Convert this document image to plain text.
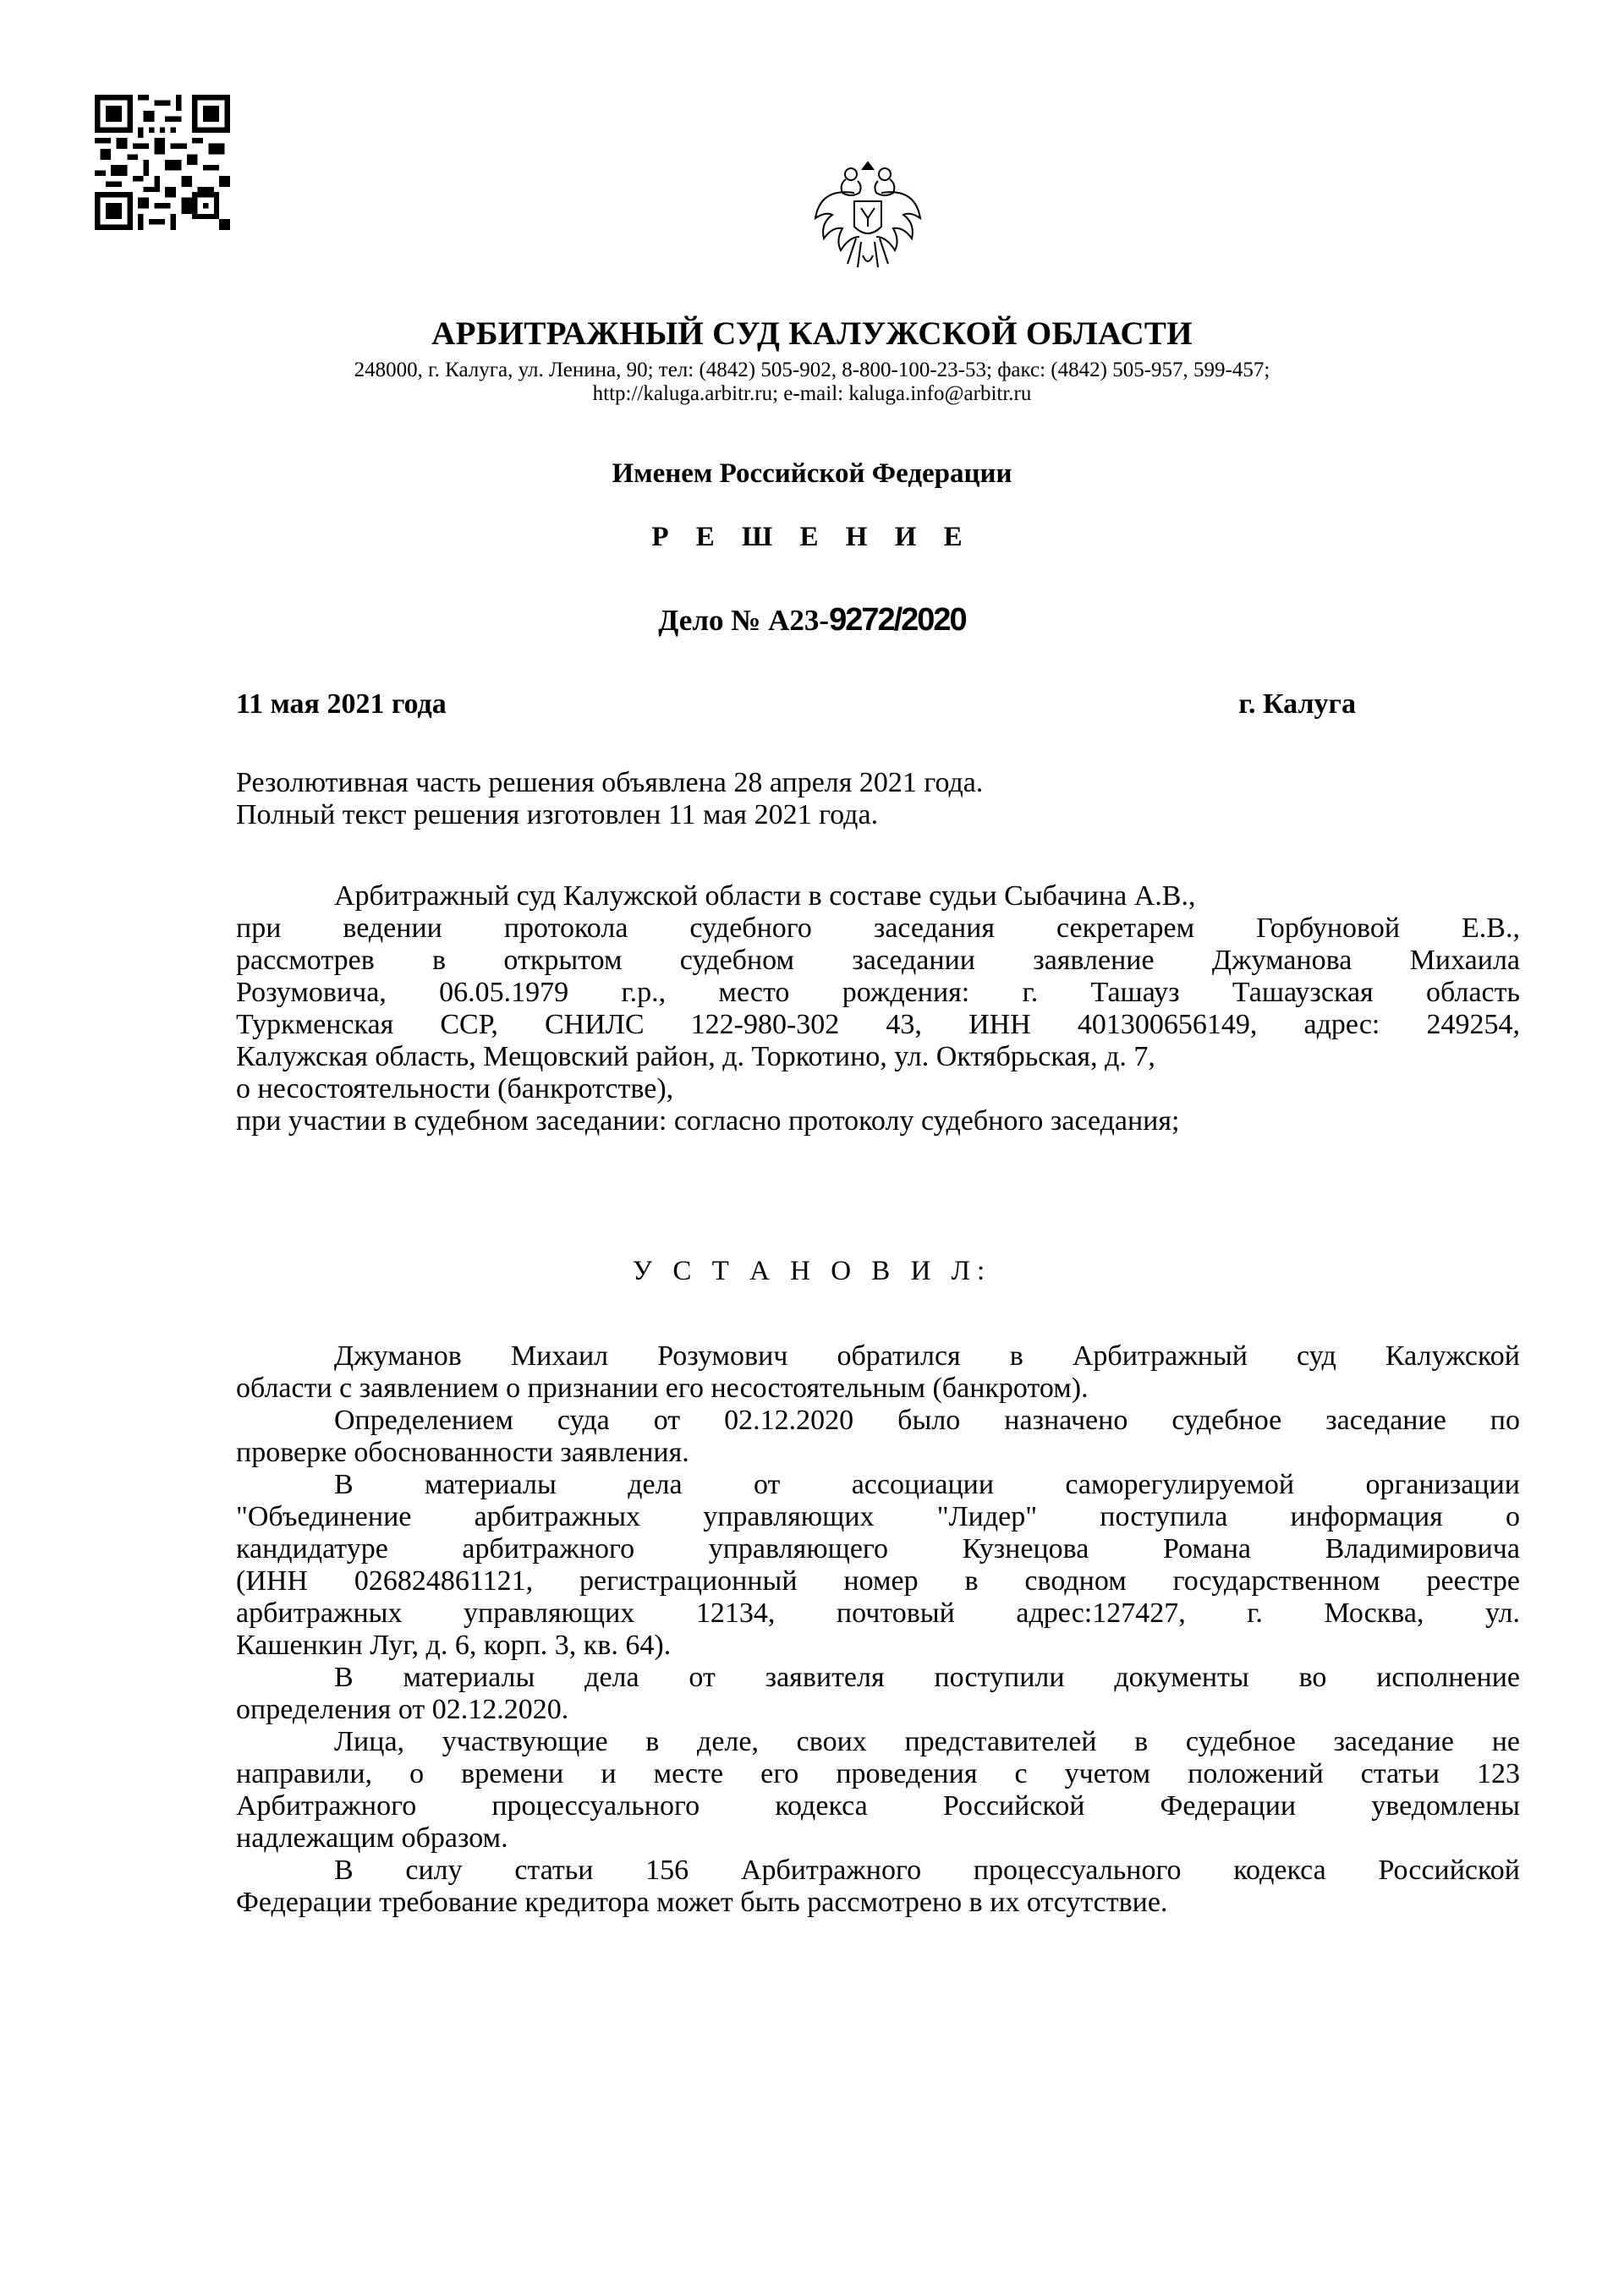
АРБИТРАЖНЫЙ СУД КАЛУЖСКОЙ ОБЛАСТИ
248000, г. Калуга, ул. Ленина, 90; тел: (4842) 505-902, 8-800-100-23-53; факс: (4842) 505-957, 599-457;
http://kaluga.arbitr.ru; e-mail: kaluga.info@arbitr.ru
Именем Российской Федерации
Р Е Ш Е Н И Е
Дело № А23-9272/2020
11 мая 2021 года	г. Калуга
Резолютивная часть решения объявлена 28 апреля 2021 года.
Полный текст решения изготовлен 11 мая 2021 года.
Арбитражный суд Калужской области в составе судьи Сыбачина А.В.,
при ведении протокола судебного заседания секретарем Горбуновой Е.В.,
рассмотрев в открытом судебном заседании заявление Джуманова Михаила
Розумовича, 06.05.1979 г.р., место рождения: г. Ташауз Ташаузская область
Туркменская ССР, СНИЛС 122-980-302 43, ИНН 401300656149, адрес: 249254,
Калужская область, Мещовский район, д. Торкотино, ул. Октябрьская, д. 7,
о несостоятельности (банкротстве),
при участии в судебном заседании: согласно протоколу судебного заседания;
У С Т А Н О В И Л:
Джуманов Михаил Розумович обратился в Арбитражный суд Калужской
области с заявлением о признании его несостоятельным (банкротом).
Определением суда от 02.12.2020 было назначено судебное заседание по
проверке обоснованности заявления.
В материалы дела от ассоциации саморегулируемой организации
"Объединение арбитражных управляющих "Лидер" поступила информация о
кандидатуре арбитражного управляющего Кузнецова Романа Владимировича
(ИНН 026824861121, регистрационный номер в сводном государственном реестре
арбитражных управляющих 12134, почтовый адрес:127427, г. Москва, ул.
Кашенкин Луг, д. 6, корп. 3, кв. 64).
В материалы дела от заявителя поступили документы во исполнение
определения от 02.12.2020.
Лица, участвующие в деле, своих представителей в судебное заседание не
направили, о времени и месте его проведения с учетом положений статьи 123
Арбитражного процессуального кодекса Российской Федерации уведомлены
надлежащим образом.
В силу статьи 156 Арбитражного процессуального кодекса Российской
Федерации требование кредитора может быть рассмотрено в их отсутствие.
